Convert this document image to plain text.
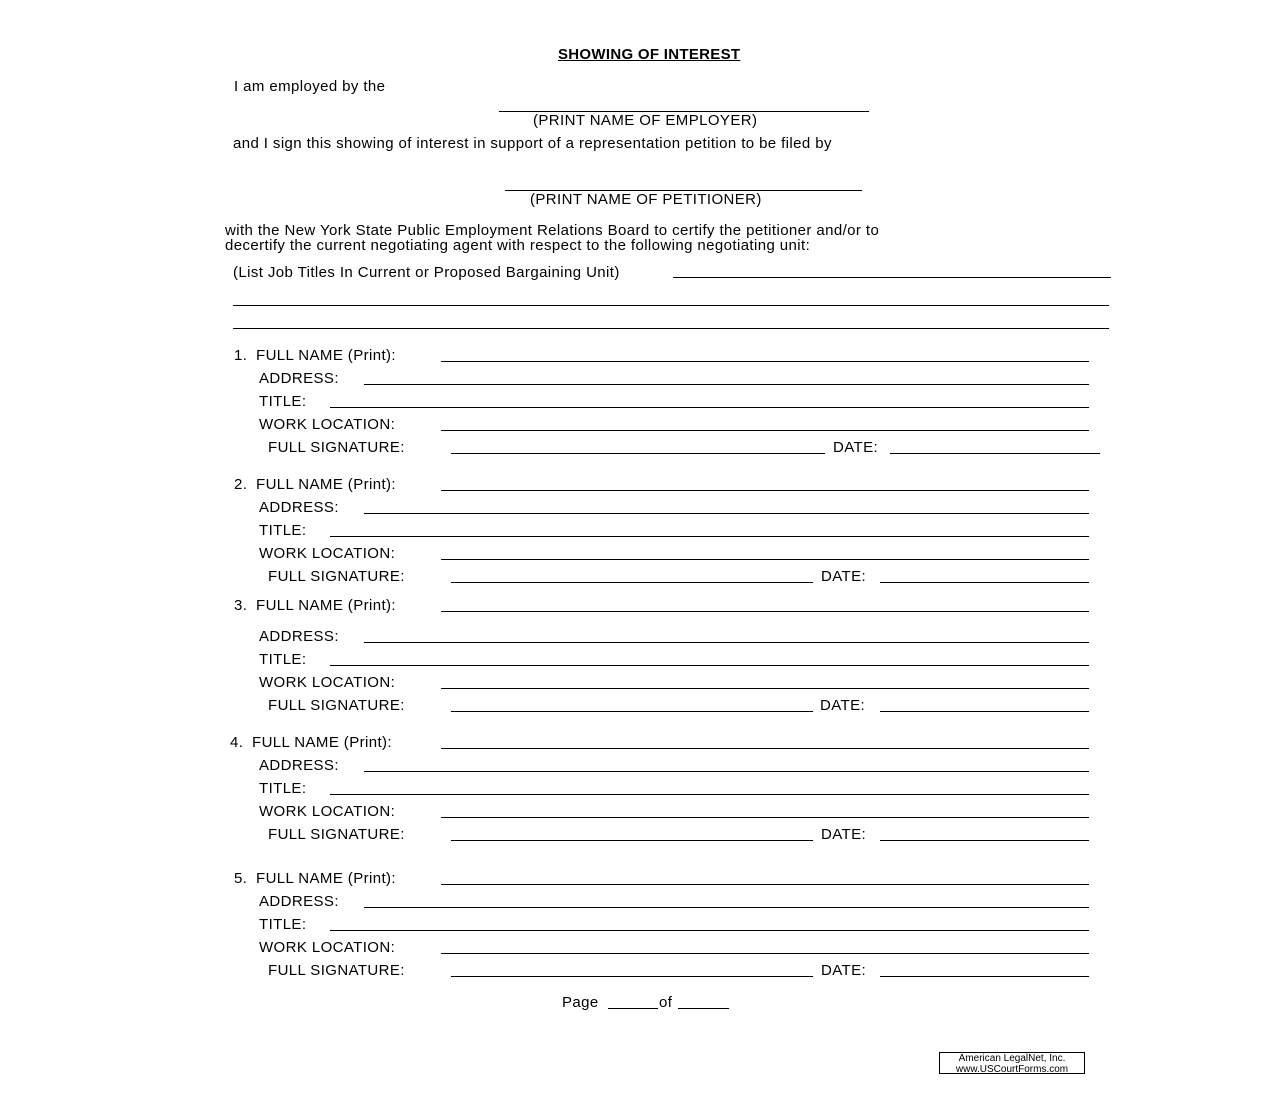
SHOWING OF INTEREST
I am employed by the
(PRINT NAME OF EMPLOYER)
and I sign this showing of interest in support of a representation petition to be filed by
(PRINT NAME OF PETITIONER)
with the New York State Public Employment Relations Board to certify the petitioner and/or to
decertify the current negotiating agent with respect to the following negotiating unit:
(List Job Titles In Current or Proposed Bargaining Unit)
1. FULL NAME (Print):
ADDRESS:
TITLE:
WORK LOCATION:
FULL SIGNATURE:	DATE:
2. FULL NAME (Print):
ADDRESS:
TITLE:
WORK LOCATION:
FULL SIGNATURE:	DATE:
3. FULL NAME (Print):
ADDRESS:
TITLE:
WORK LOCATION:
FULL SIGNATURE:	DATE:
4. FULL NAME (Print):
ADDRESS:
TITLE:
WORK LOCATION:
FULL SIGNATURE:	DATE:
5. FULL NAME (Print):
ADDRESS:
TITLE:
WORK LOCATION:
FULL SIGNATURE:	DATE:
Page	of
American LegalNet, Inc.
www.USCourtForms.com
